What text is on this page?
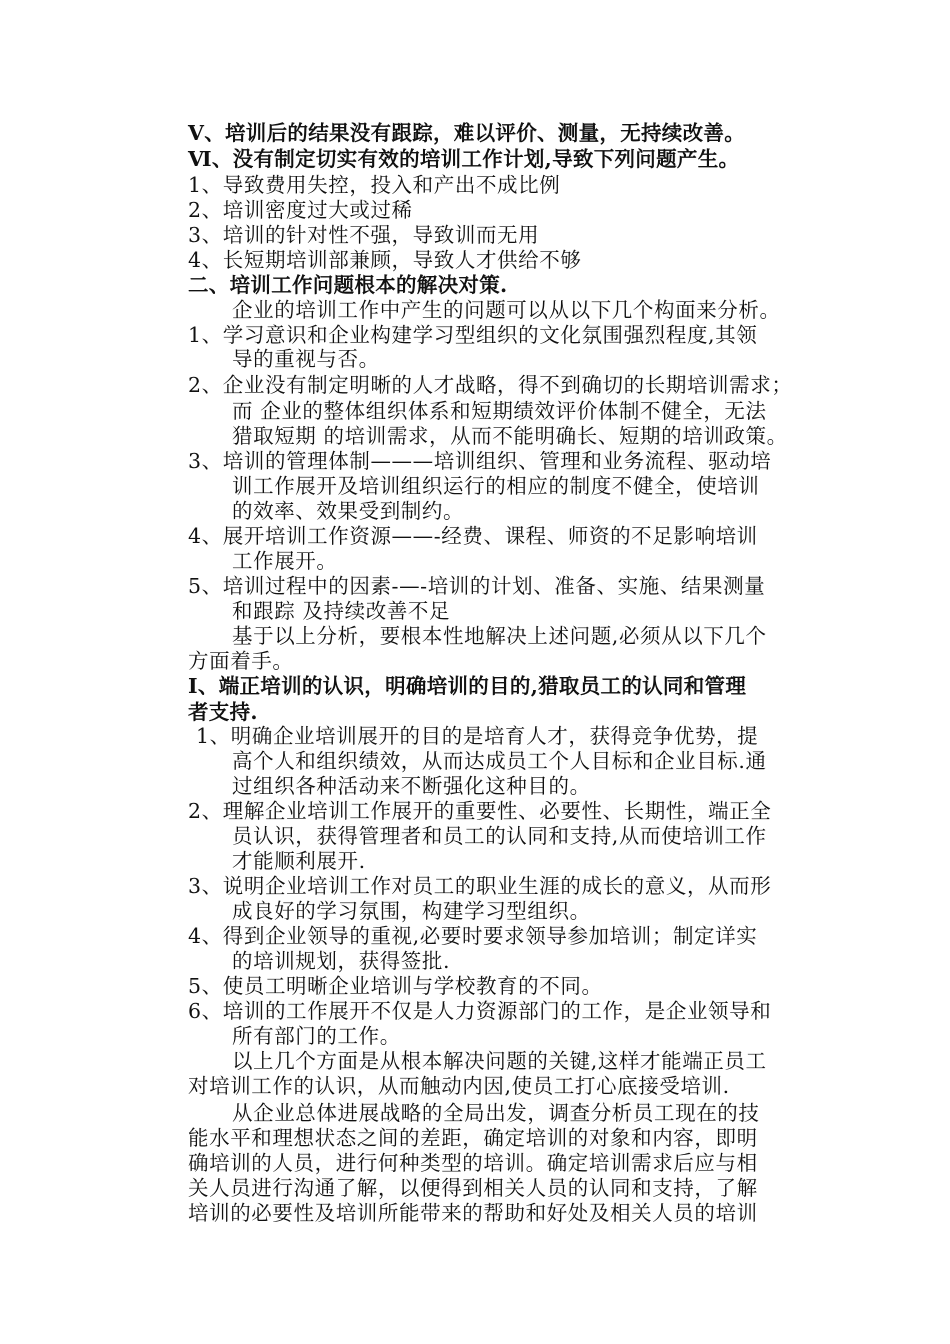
Ⅴ、培训后的结果没有跟踪，难以评价、测量，无持续改善。
Ⅵ、没有制定切实有效的培训工作计划,导致下列问题产生。
1、导致费用失控，投入和产出不成比例
2、培训密度过大或过稀
3、培训的针对性不强，导致训而无用
4、长短期培训部兼顾，导致人才供给不够
二、培训工作问题根本的解决对策.
企业的培训工作中产生的问题可以从以下几个构面来分析。
1、学习意识和企业构建学习型组织的文化氛围强烈程度,其领
导的重视与否。
2、企业没有制定明晰的人才战略，得不到确切的长期培训需求；
而 企业的整体组织体系和短期绩效评价体制不健全，无法
猎取短期 的培训需求，从而不能明确长、短期的培训政策。
3、培训的管理体制———培训组织、管理和业务流程、驱动培
训工作展开及培训组织运行的相应的制度不健全，使培训
的效率、效果受到制约。
4、展开培训工作资源——-经费、课程、师资的不足影响培训
工作展开。
5、培训过程中的因素-—-培训的计划、准备、实施、结果测量
和跟踪 及持续改善不足
基于以上分析，要根本性地解决上述问题,必须从以下几个
方面着手。
Ⅰ、端正培训的认识，明确培训的目的,猎取员工的认同和管理
者支持.
1、明确企业培训展开的目的是培育人才，获得竞争优势，提
高个人和组织绩效，从而达成员工个人目标和企业目标.通
过组织各种活动来不断强化这种目的。
2、理解企业培训工作展开的重要性、必要性、长期性，端正全
员认识，获得管理者和员工的认同和支持,从而使培训工作
才能顺利展开.
3、说明企业培训工作对员工的职业生涯的成长的意义，从而形
成良好的学习氛围，构建学习型组织。
4、得到企业领导的重视,必要时要求领导参加培训；制定详实
的培训规划，获得签批.
5、使员工明晰企业培训与学校教育的不同。
6、培训的工作展开不仅是人力资源部门的工作，是企业领导和
所有部门的工作。
以上几个方面是从根本解决问题的关键,这样才能端正员工
对培训工作的认识，从而触动内因,使员工打心底接受培训.
从企业总体进展战略的全局出发，调查分析员工现在的技
能水平和理想状态之间的差距，确定培训的对象和内容，即明
确培训的人员，进行何种类型的培训。确定培训需求后应与相
关人员进行沟通了解，以便得到相关人员的认同和支持，了解
培训的必要性及培训所能带来的帮助和好处及相关人员的培训
